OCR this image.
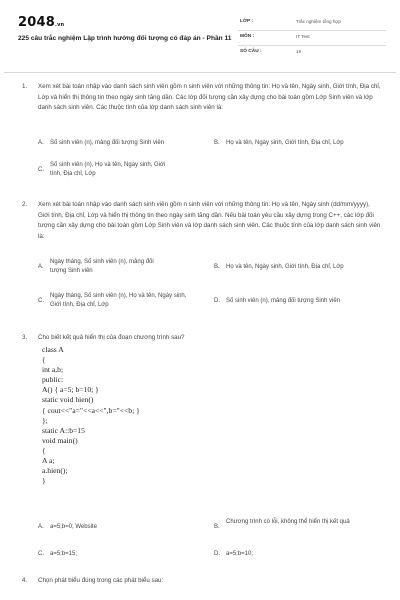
2048.vn
225 câu trắc nghiệm Lập trình hướng đối tượng có đáp án - Phần 11
LỚP :	Trắc nghiệm tổng hợp
MÔN :	IT Test
SỐ CÂU :	19
1. Xem xét bài toán nhập vào danh sách sinh viên gồm n sinh viên với những thông tin: Họ và tên, Ngày sinh, Giới tính, Địa chỉ, Lớp và hiển thị thông tin theo ngày sinh tăng dần. Các lớp đối tượng cần xây dựng cho bài toán gồm Lớp Sinh viên và lớp danh sách sinh viên. Các thuộc tính của lớp danh sách sinh viên là:
A. Số sinh viên (n), mảng đối tượng Sinh viên	B. Họ và tên, Ngày sinh, Giới tính, Địa chỉ, Lớp
C.
Số sinh viên (n), Họ và tên, Ngày sinh, Giới tính, Địa chỉ, Lớp
2. Xem xét bài toán nhập vào danh sách sinh viên gồm n sinh viên với những thông tin: Họ và tên, Ngày sinh (dd/mm/yyyy), Giới tính, Địa chỉ, Lớp và hiển thị thông tin theo ngày sinh tăng dần. Nếu bài toán yêu cầu xây dựng trong C++, các lớp đối tượng cần xây dựng cho bài toán gồm Lớp Sinh viên và lớp danh sách sinh viên. Các thuộc tính của lớp danh sách sinh viên là:
A.
Ngày tháng, Số sinh viên (n), mảng đối tượng Sinh viên
B. Họ và tên, Ngày sinh, Giới tính, Địa chỉ, Lớp
C.
Ngày tháng, Số sinh viên (n), Họ và tên, Ngày sinh, Giới tính, Địa chỉ, Lớp
D. Số sinh viên (n), mảng đối tượng Sinh viên
3. Cho biết kết quả hiển thị của đoạn chương trình sau?
class A
{
int a,b;
public:
A() { a=5; b=10; }
static void hien()
{ cout<<"a="<<a<<",b="<<b; }
};
static A::b=15
void main()
{
A a;
a.hien();
}
A. a=5;b=0; Website	B.
Chương trình có lỗi, không thể hiển thị kết quả
C. a=5;b=15;	D. a=5;b=10;
4. Chọn phát biểu đúng trong các phát biểu sau:
